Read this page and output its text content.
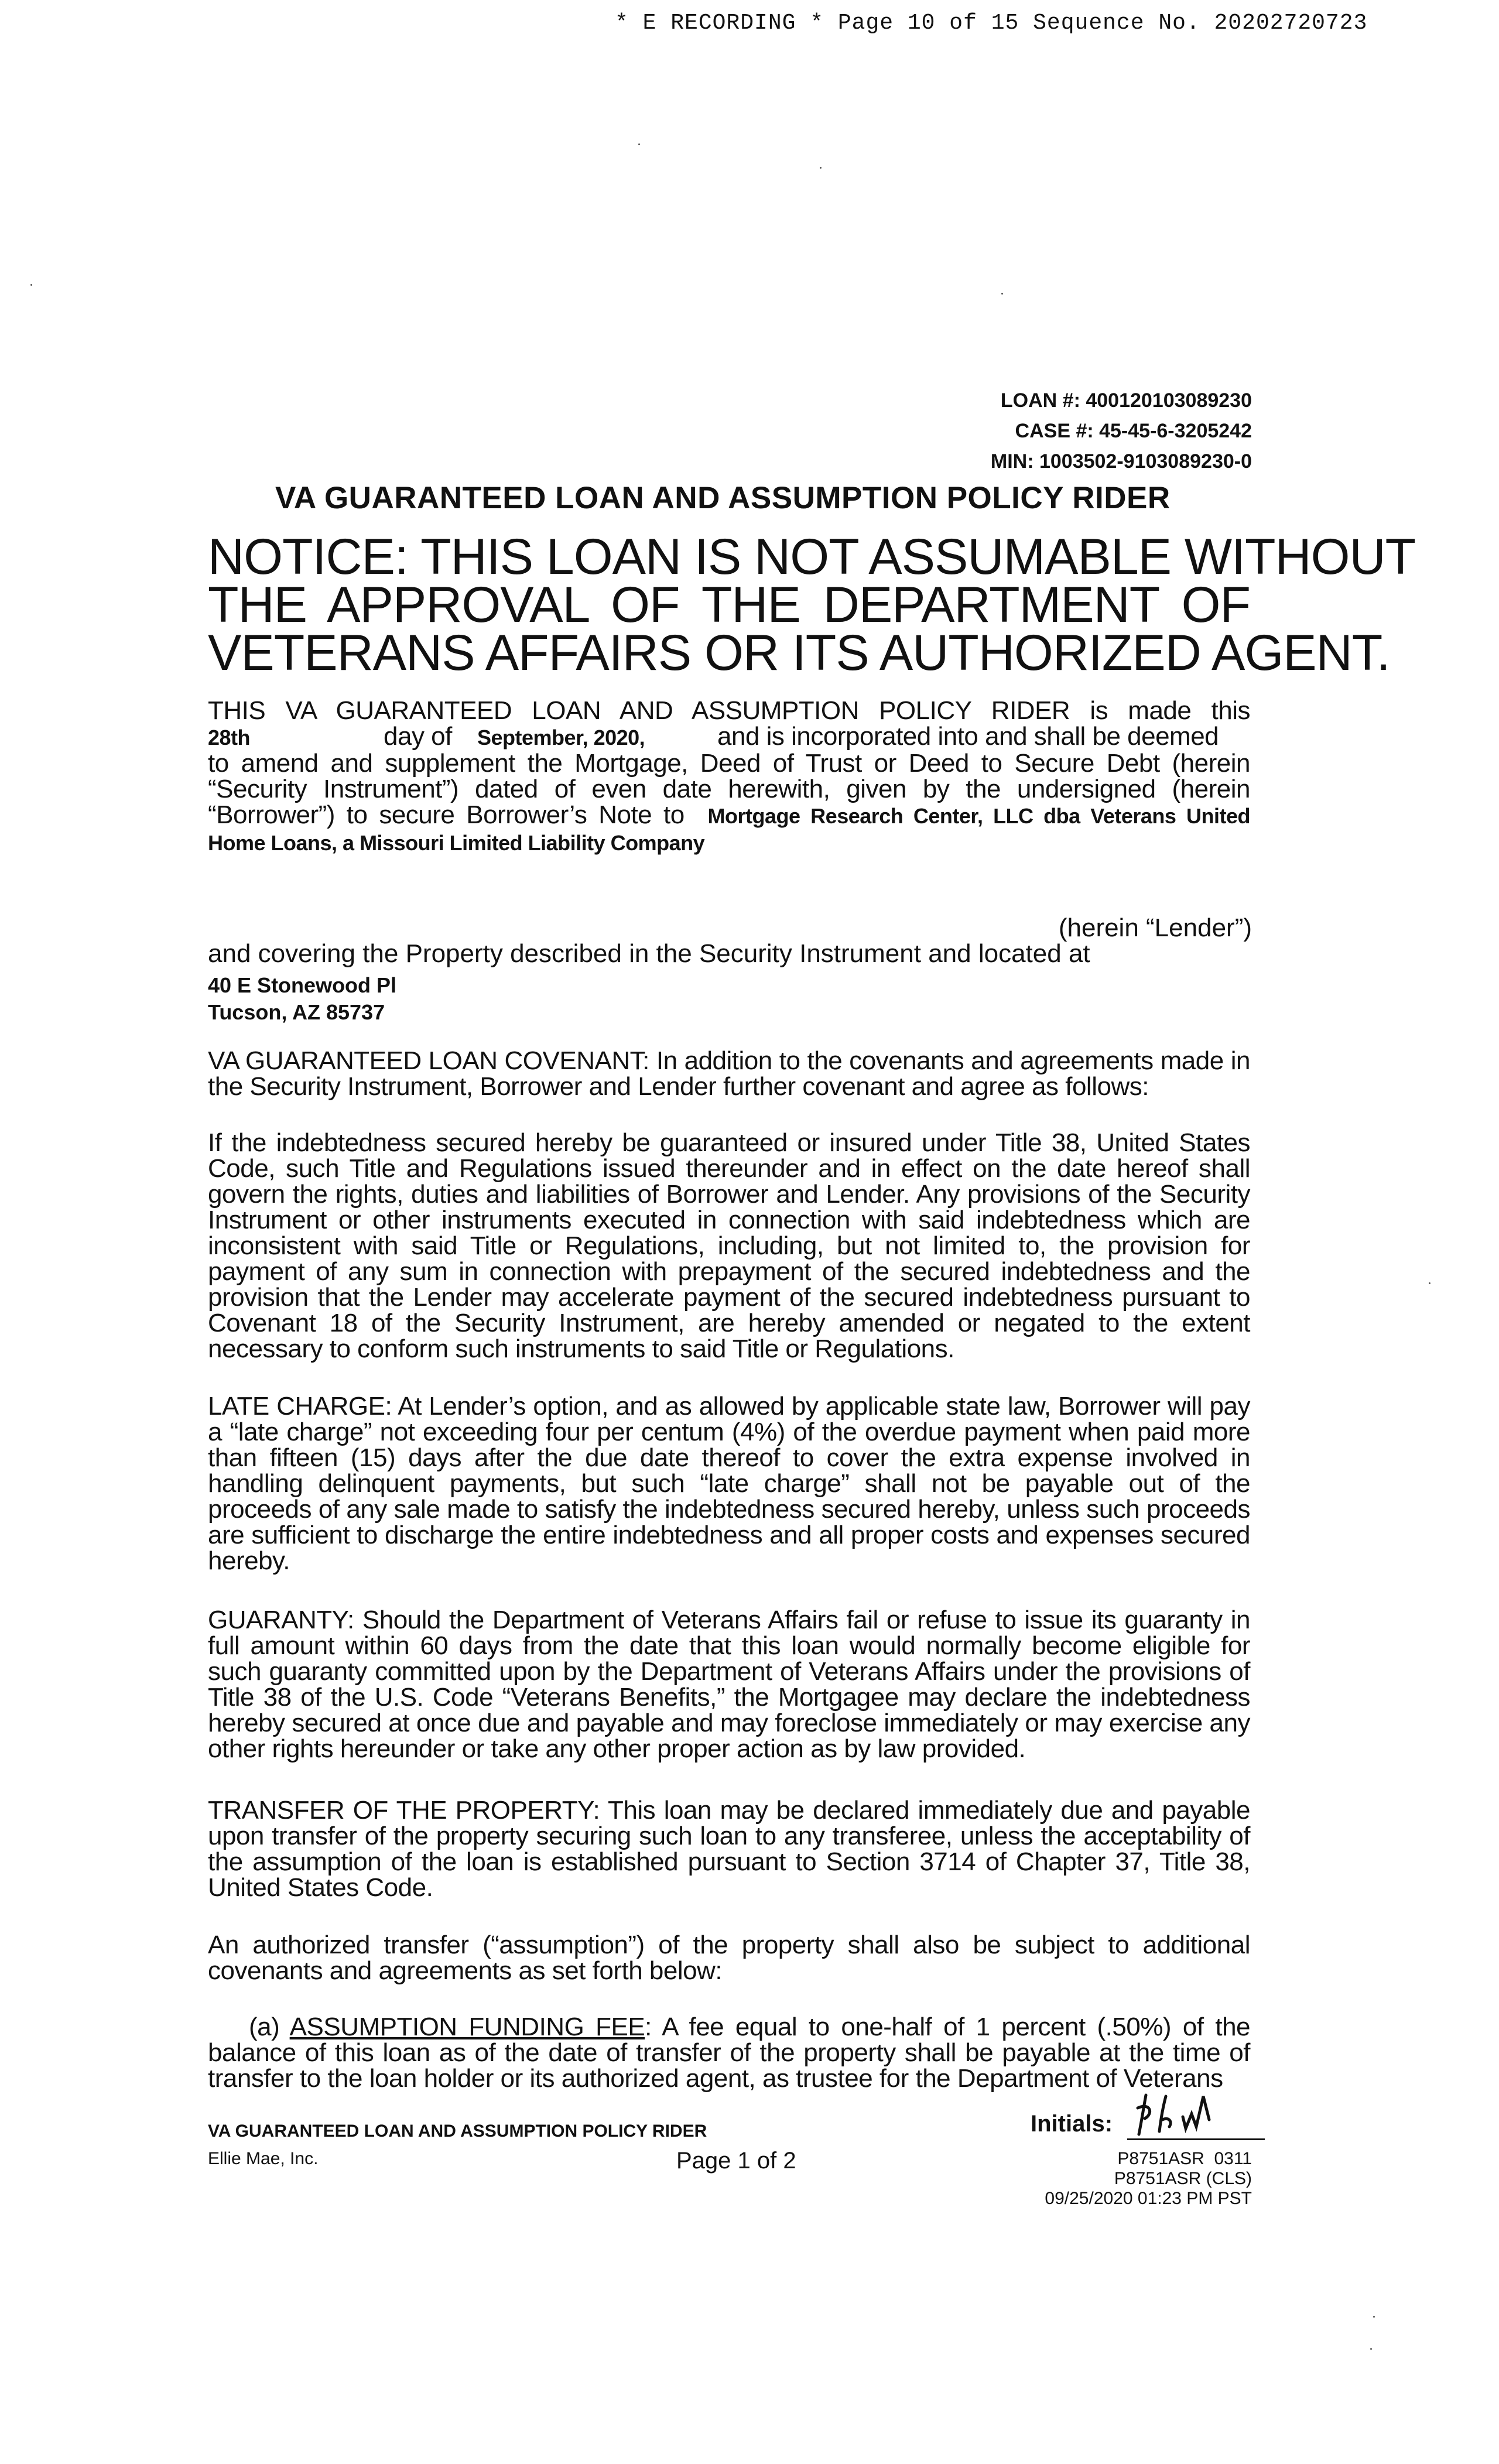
* E RECORDING * Page 10 of 15 Sequence No. 20202720723
LOAN #: 400120103089230
CASE #: 45-45-6-3205242
MIN: 1003502-9103089230-0
VA GUARANTEED LOAN AND ASSUMPTION POLICY RIDER
NOTICE: THIS LOAN IS NOT ASSUMABLE WITHOUT
THE APPROVAL OF THE DEPARTMENT OF
VETERANS AFFAIRS OR ITS AUTHORIZED AGENT.
THIS VA GUARANTEED LOAN AND ASSUMPTION POLICY RIDER is made this
28th	day of	September, 2020,	and is incorporated into and shall be deemed
to amend and supplement the Mortgage, Deed of Trust or Deed to Secure Debt (herein “Security Instrument”) dated of even date herewith, given by the undersigned (herein “Borrower”) to secure Borrower’s Note to Mortgage Research Center, LLC dba Veterans United Home Loans, a Missouri Limited Liability Company
(herein “Lender”)
and covering the Property described in the Security Instrument and located at
40 E Stonewood Pl
Tucson, AZ 85737
VA GUARANTEED LOAN COVENANT: In addition to the covenants and agreements made in the Security Instrument, Borrower and Lender further covenant and agree as follows:
If the indebtedness secured hereby be guaranteed or insured under Title 38, United States Code, such Title and Regulations issued thereunder and in effect on the date hereof shall govern the rights, duties and liabilities of Borrower and Lender. Any provisions of the Security Instrument or other instruments executed in connection with said indebtedness which are inconsistent with said Title or Regulations, including, but not limited to, the provision for payment of any sum in connection with prepayment of the secured indebtedness and the provision that the Lender may accelerate payment of the secured indebtedness pursuant to Covenant 18 of the Security Instrument, are hereby amended or negated to the extent necessary to conform such instruments to said Title or Regulations.
LATE CHARGE: At Lender’s option, and as allowed by applicable state law, Borrower will pay a “late charge” not exceeding four per centum (4%) of the overdue payment when paid more than fifteen (15) days after the due date thereof to cover the extra expense involved in handling delinquent payments, but such “late charge” shall not be payable out of the proceeds of any sale made to satisfy the indebtedness secured hereby, unless such proceeds are sufficient to discharge the entire indebtedness and all proper costs and expenses secured hereby.
GUARANTY: Should the Department of Veterans Affairs fail or refuse to issue its guaranty in full amount within 60 days from the date that this loan would normally become eligible for such guaranty committed upon by the Department of Veterans Affairs under the provisions of Title 38 of the U.S. Code “Veterans Benefits,” the Mortgagee may declare the indebtedness hereby secured at once due and payable and may foreclose immediately or may exercise any other rights hereunder or take any other proper action as by law provided.
TRANSFER OF THE PROPERTY: This loan may be declared immediately due and payable upon transfer of the property securing such loan to any transferee, unless the acceptability of the assumption of the loan is established pursuant to Section 3714 of Chapter 37, Title 38, United States Code.
An authorized transfer (“assumption”) of the property shall also be subject to additional covenants and agreements as set forth below:
(a) ASSUMPTION FUNDING FEE: A fee equal to one-half of 1 percent (.50%) of the balance of this loan as of the date of transfer of the property shall be payable at the time of transfer to the loan holder or its authorized agent, as trustee for the Department of Veterans
VA GUARANTEED LOAN AND ASSUMPTION POLICY RIDER
Ellie Mae, Inc.	Page 1 of 2
Initials:
P8751ASR  0311
P8751ASR (CLS)
09/25/2020 01:23 PM PST
